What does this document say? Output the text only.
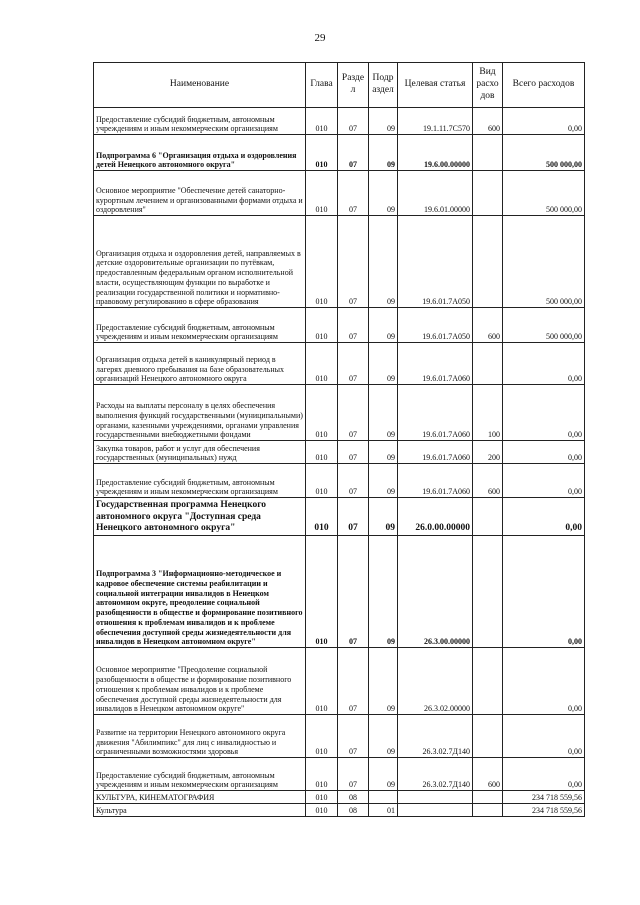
29
Наименование	Глава	Разде л	Подр аздел	Целевая статья	Вид расхо дов	Всего расходов
Предоставление субсидий бюджетным, автономным учреждениям и иным некоммерческим организациям	010	07	09	19.1.11.7С570	600	0,00
Подпрограмма 6 "Организация отдыха и оздоровления детей Ненецкого автономного округа"	010	07	09	19.6.00.00000		500 000,00
Основное мероприятие "Обеспечение детей санаторно-курортным лечением и организованными формами отдыха и оздоровления"	010	07	09	19.6.01.00000		500 000,00
Организация отдыха и оздоровления детей, направляемых в детские оздоровительные организации по путёвкам, предоставленным федеральным органом исполнительной власти, осуществляющим функции по выработке и реализации государственной политики и нормативно-правовому регулированию в сфере образования	010	07	09	19.6.01.7А050		500 000,00
Предоставление субсидий бюджетным, автономным учреждениям и иным некоммерческим организациям	010	07	09	19.6.01.7А050	600	500 000,00
Организация отдыха детей в каникулярный период в лагерях дневного пребывания на базе образовательных организаций Ненецкого автономного округа	010	07	09	19.6.01.7А060		0,00
Расходы на выплаты персоналу в целях обеспечения выполнения функций государственными (муниципальными) органами, казенными учреждениями, органами управления государственными внебюджетными фондами	010	07	09	19.6.01.7А060	100	0,00
Закупка товаров, работ и услуг для обеспечения государственных (муниципальных) нужд	010	07	09	19.6.01.7А060	200	0,00
Предоставление субсидий бюджетным, автономным учреждениям и иным некоммерческим организациям	010	07	09	19.6.01.7А060	600	0,00
Государственная программа Ненецкого автономного округа "Доступная среда Ненецкого автономного округа"	010	07	09	26.0.00.00000		0,00
Подпрограмма 3 "Информационно-методическое и кадровое обеспечение системы реабилитации и социальной интеграции инвалидов в Ненецком автономном округе, преодоление социальной разобщенности в обществе и формирование позитивного отношения к проблемам инвалидов и к проблеме обеспечения доступной среды жизнедеятельности для инвалидов в Ненецком автономном округе"	010	07	09	26.3.00.00000		0,00
Основное мероприятие "Преодоление социальной разобщенности в обществе и формирование позитивного отношения к проблемам инвалидов и к проблеме обеспечения доступной среды жизнедеятельности для инвалидов в Ненецком автономном округе"	010	07	09	26.3.02.00000		0,00
Развитие на территории Ненецкого автономного округа движения "Абилимпикс" для лиц с инвалидностью и ограниченными возможностями здоровья	010	07	09	26.3.02.7Д140		0,00
Предоставление субсидий бюджетным, автономным учреждениям и иным некоммерческим организациям	010	07	09	26.3.02.7Д140	600	0,00
КУЛЬТУРА, КИНЕМАТОГРАФИЯ	010	08				234 718 559,56
Культура	010	08	01			234 718 559,56
